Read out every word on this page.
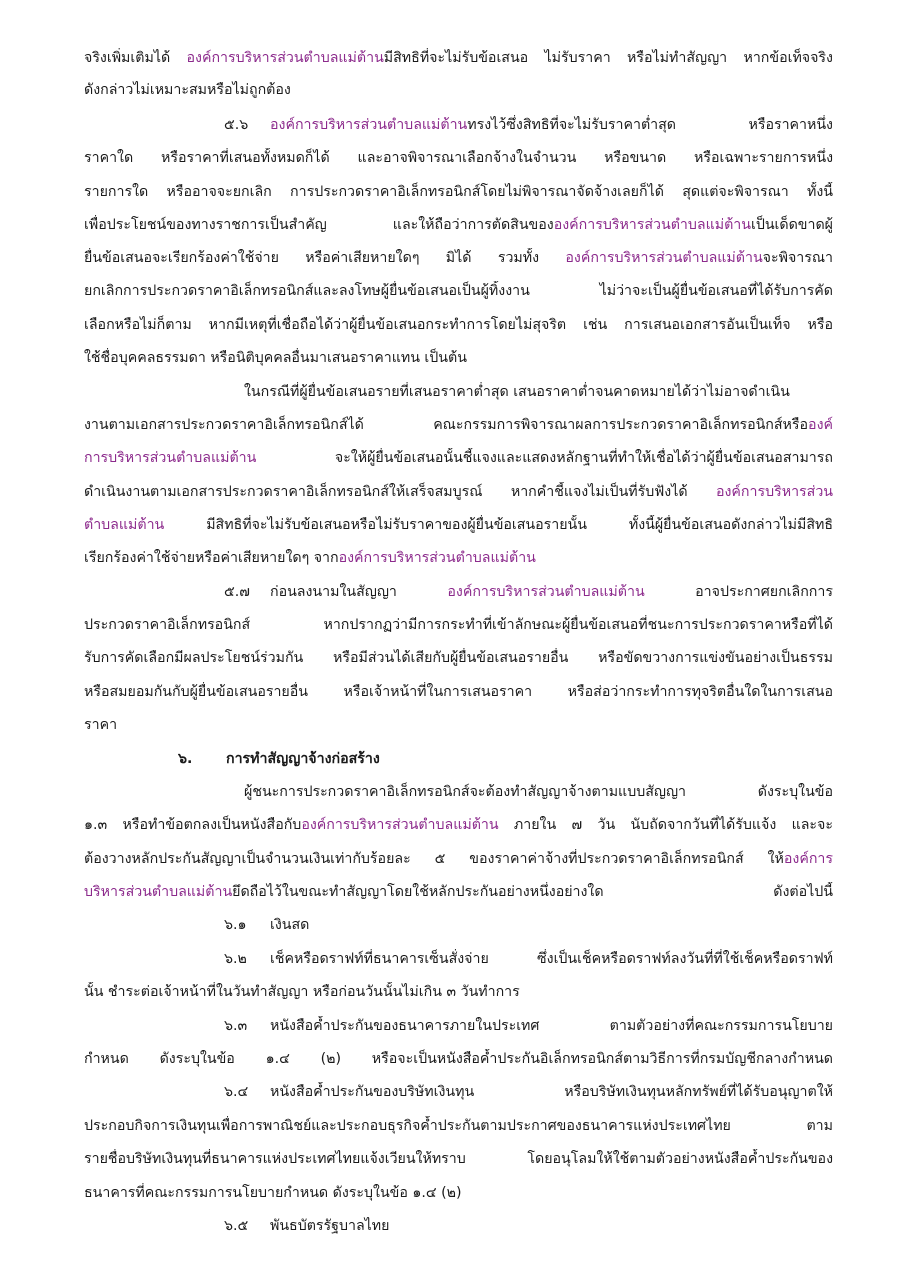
จริงเพิ่มเติมได้ องค์การบริหารส่วนตำบลแม่ต้านมีสิทธิที่จะไม่รับข้อเสนอ ไม่รับราคา หรือไม่ทำสัญญา หากข้อเท็จจริง
ดังกล่าวไม่เหมาะสมหรือไม่ถูกต้อง
๕.๖ องค์การบริหารส่วนตำบลแม่ต้านทรงไว้ซึ่งสิทธิที่จะไม่รับราคาต่ำสุด หรือราคาหนึ่ง
ราคาใด หรือราคาที่เสนอทั้งหมดก็ได้ และอาจพิจารณาเลือกจ้างในจำนวน หรือขนาด หรือเฉพาะรายการหนึ่ง
รายการใด หรืออาจจะยกเลิก การประกวดราคาอิเล็กทรอนิกส์โดยไม่พิจารณาจัดจ้างเลยก็ได้ สุดแต่จะพิจารณา ทั้งนี้
เพื่อประโยชน์ของทางราชการเป็นสำคัญ และให้ถือว่าการตัดสินขององค์การบริหารส่วนตำบลแม่ต้านเป็นเด็ดขาดผู้
ยื่นข้อเสนอจะเรียกร้องค่าใช้จ่าย หรือค่าเสียหายใดๆ มิได้ รวมทั้ง องค์การบริหารส่วนตำบลแม่ต้านจะพิจารณา
ยกเลิกการประกวดราคาอิเล็กทรอนิกส์และลงโทษผู้ยื่นข้อเสนอเป็นผู้ทิ้งงาน ไม่ว่าจะเป็นผู้ยื่นข้อเสนอที่ได้รับการคัด
เลือกหรือไม่ก็ตาม หากมีเหตุที่เชื่อถือได้ว่าผู้ยื่นข้อเสนอกระทำการโดยไม่สุจริต เช่น การเสนอเอกสารอันเป็นเท็จ หรือ
ใช้ชื่อบุคคลธรรมดา หรือนิติบุคคลอื่นมาเสนอราคาแทน เป็นต้น
ในกรณีที่ผู้ยื่นข้อเสนอรายที่เสนอราคาต่ำสุด เสนอราคาต่ำจนคาดหมายได้ว่าไม่อาจดำเนิน
งานตามเอกสารประกวดราคาอิเล็กทรอนิกส์ได้ คณะกรรมการพิจารณาผลการประกวดราคาอิเล็กทรอนิกส์หรือองค์
การบริหารส่วนตำบลแม่ต้าน จะให้ผู้ยื่นข้อเสนอนั้นชี้แจงและแสดงหลักฐานที่ทำให้เชื่อได้ว่าผู้ยื่นข้อเสนอสามารถ
ดำเนินงานตามเอกสารประกวดราคาอิเล็กทรอนิกส์ให้เสร็จสมบูรณ์ หากคำชี้แจงไม่เป็นที่รับฟังได้ องค์การบริหารส่วน
ตำบลแม่ต้าน มีสิทธิที่จะไม่รับข้อเสนอหรือไม่รับราคาของผู้ยื่นข้อเสนอรายนั้น ทั้งนี้ผู้ยื่นข้อเสนอดังกล่าวไม่มีสิทธิ
เรียกร้องค่าใช้จ่ายหรือค่าเสียหายใดๆ จากองค์การบริหารส่วนตำบลแม่ต้าน
๕.๗ ก่อนลงนามในสัญญา องค์การบริหารส่วนตำบลแม่ต้าน อาจประกาศยกเลิกการ
ประกวดราคาอิเล็กทรอนิกส์ หากปรากฏว่ามีการกระทำที่เข้าลักษณะผู้ยื่นข้อเสนอที่ชนะการประกวดราคาหรือที่ได้
รับการคัดเลือกมีผลประโยชน์ร่วมกัน หรือมีส่วนได้เสียกับผู้ยื่นข้อเสนอรายอื่น หรือขัดขวางการแข่งขันอย่างเป็นธรรม
หรือสมยอมกันกับผู้ยื่นข้อเสนอรายอื่น หรือเจ้าหน้าที่ในการเสนอราคา หรือส่อว่ากระทำการทุจริตอื่นใดในการเสนอ
ราคา
๖. การทำสัญญาจ้างก่อสร้าง
ผู้ชนะการประกวดราคาอิเล็กทรอนิกส์จะต้องทำสัญญาจ้างตามแบบสัญญา ดังระบุในข้อ
๑.๓ หรือทำข้อตกลงเป็นหนังสือกับองค์การบริหารส่วนตำบลแม่ต้าน ภายใน ๗ วัน นับถัดจากวันที่ได้รับแจ้ง และจะ
ต้องวางหลักประกันสัญญาเป็นจำนวนเงินเท่ากับร้อยละ ๕ ของราคาค่าจ้างที่ประกวดราคาอิเล็กทรอนิกส์ ให้องค์การ
บริหารส่วนตำบลแม่ต้านยึดถือไว้ในขณะทำสัญญาโดยใช้หลักประกันอย่างหนึ่งอย่างใด ดังต่อไปนี้
๖.๑ เงินสด
๖.๒ เช็คหรือดราฟท์ที่ธนาคารเซ็นสั่งจ่าย ซึ่งเป็นเช็คหรือดราฟท์ลงวันที่ที่ใช้เช็คหรือดราฟท์
นั้น ชำระต่อเจ้าหน้าที่ในวันทำสัญญา หรือก่อนวันนั้นไม่เกิน ๓ วันทำการ
๖.๓ หนังสือค้ำประกันของธนาคารภายในประเทศ ตามตัวอย่างที่คณะกรรมการนโยบาย
กำหนด ดังระบุในข้อ ๑.๔ (๒) หรือจะเป็นหนังสือค้ำประกันอิเล็กทรอนิกส์ตามวิธีการที่กรมบัญชีกลางกำหนด
๖.๔ หนังสือค้ำประกันของบริษัทเงินทุน หรือบริษัทเงินทุนหลักทรัพย์ที่ได้รับอนุญาตให้
ประกอบกิจการเงินทุนเพื่อการพาณิชย์และประกอบธุรกิจค้ำประกันตามประกาศของธนาคารแห่งประเทศไทย ตาม
รายชื่อบริษัทเงินทุนที่ธนาคารแห่งประเทศไทยแจ้งเวียนให้ทราบ โดยอนุโลมให้ใช้ตามตัวอย่างหนังสือค้ำประกันของ
ธนาคารที่คณะกรรมการนโยบายกำหนด ดังระบุในข้อ ๑.๔ (๒)
๖.๕ พันธบัตรรัฐบาลไทย
